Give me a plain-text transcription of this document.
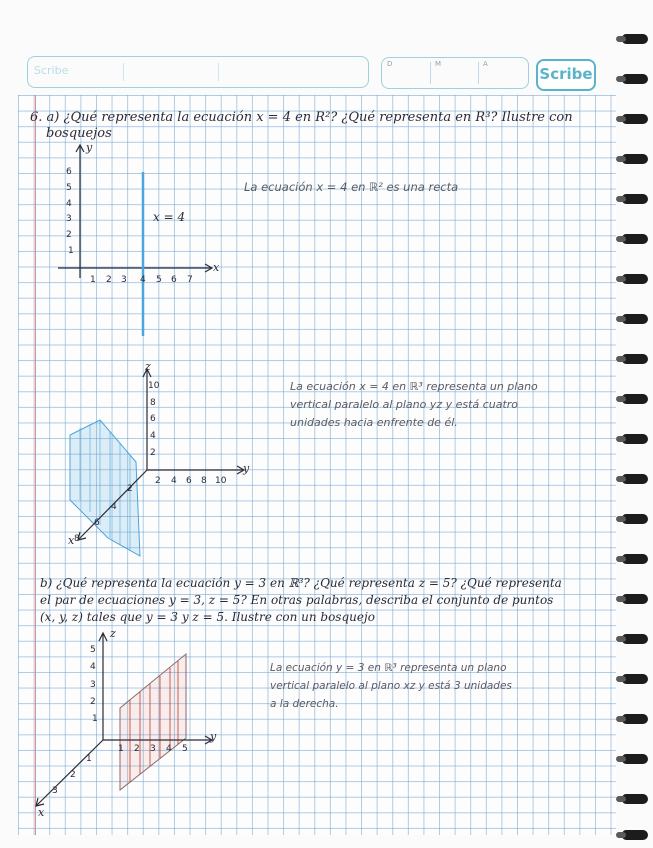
Scribe	D	M	A
Scribe
6. a) ¿Qué representa la ecuación x = 4 en R²? ¿Qué representa en R³? Ilustre con
bosquejos
y
x
1 2 3 4 5 6 7
1
2
3
4
5
6
x = 4
La ecuación x = 4 en ℝ² es una recta
z
y
x
2
4
6
8
10
2 4 6 8 10
2
4
6
8
La ecuación x = 4 en ℝ³ representa un plano
vertical paralelo al plano yz y está cuatro
unidades hacia enfrente de él.
b) ¿Qué representa la ecuación y = 3 en ℝ³? ¿Qué representa z = 5? ¿Qué representa
el par de ecuaciones y = 3, z = 5? En otras palabras, describa el conjunto de puntos
(x, y, z) tales que y = 3 y z = 5. Ilustre con un bosquejo
z
y
x
1
2
3
4
5
1 2 3 4 5
1
2
3
La ecuación y = 3 en ℝ³ representa un plano
vertical paralelo al plano xz y está 3 unidades
a la derecha.
